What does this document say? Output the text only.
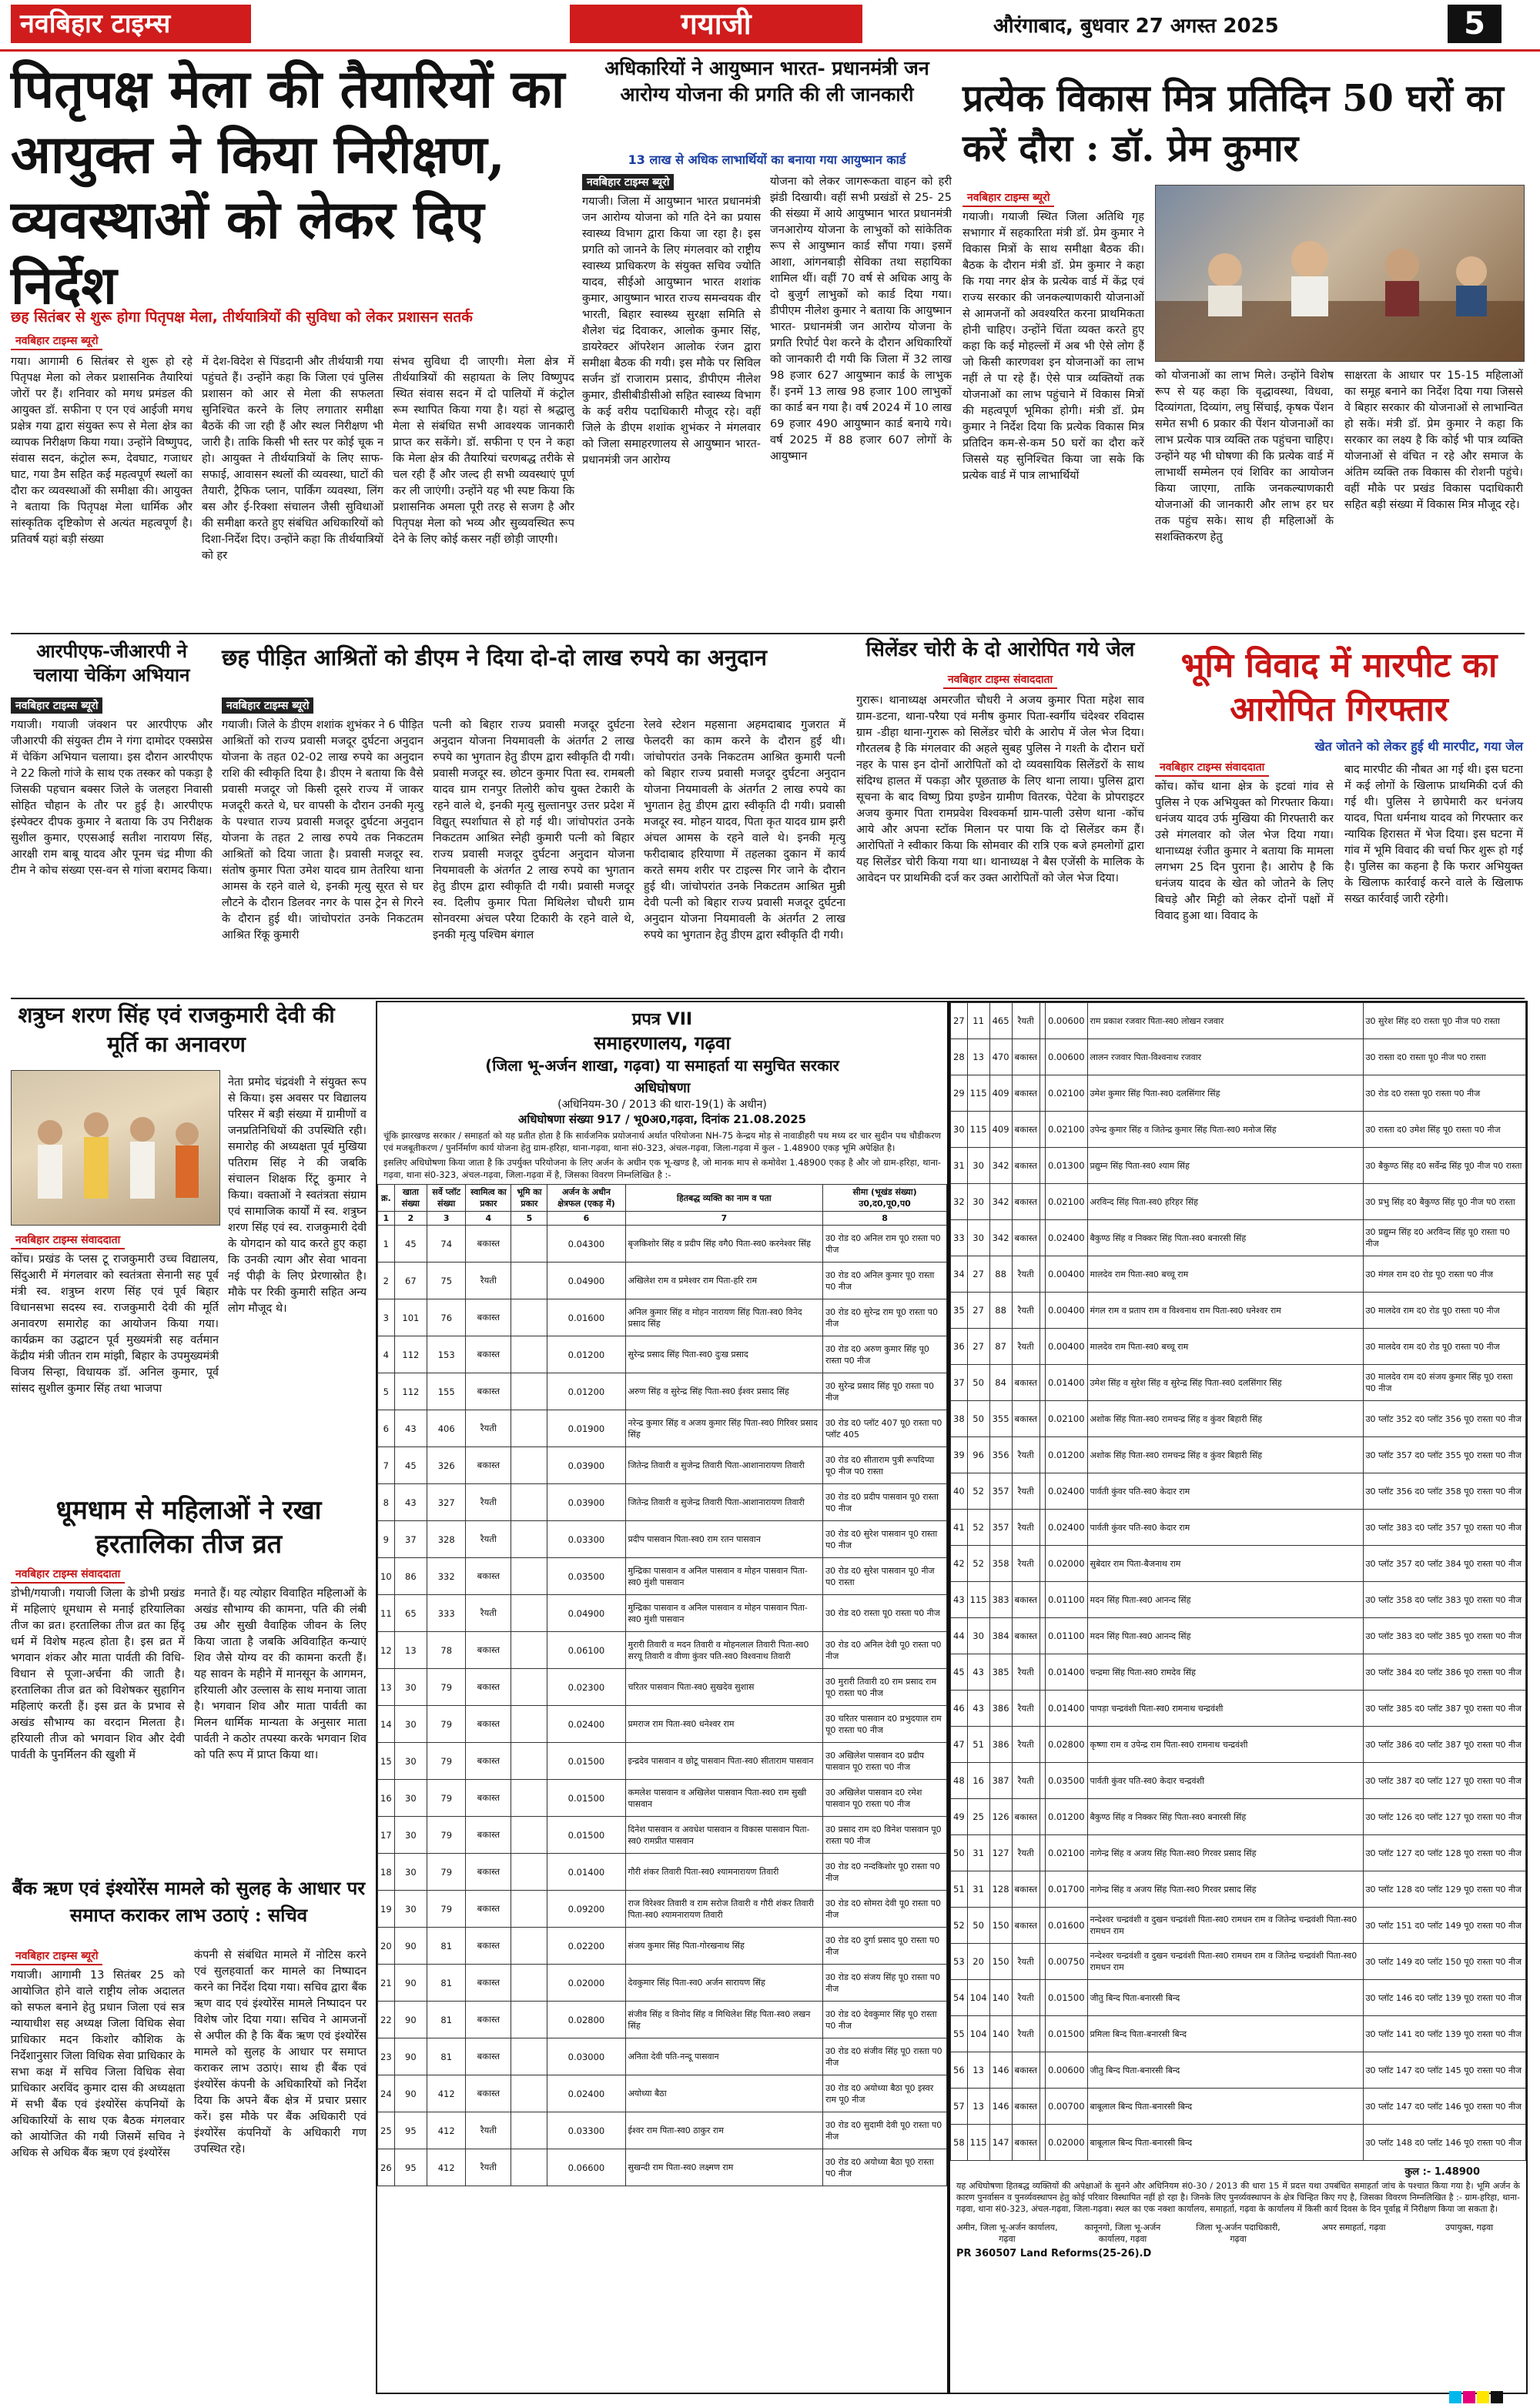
नवबिहार टाइम्स	गयाजी	औरंगाबाद, बुधवार 27 अगस्त 2025	5
पितृपक्ष मेला की तैयारियों का आयुक्त ने किया निरीक्षण, व्यवस्थाओं को लेकर दिए निर्देश
छह सितंबर से शुरू होगा पितृपक्ष मेला, तीर्थयात्रियों की सुविधा को लेकर प्रशासन सतर्क
नवबिहार टाइम्स ब्यूरो
गया। आगामी 6 सितंबर से शुरू हो रहे पितृपक्ष मेला को लेकर प्रशासनिक तैयारियां जोरों पर हैं। शनिवार को मगध प्रमंडल की आयुक्त डॉ. सफीना ए एन एवं आईजी मगध प्रक्षेत्र गया द्वारा संयुक्त रूप से मेला क्षेत्र का व्यापक निरीक्षण किया गया। उन्होंने विष्णुपद, संवास सदन, कंट्रोल रूम, देवघाट, गजाधर घाट, गया डैम सहित कई महत्वपूर्ण स्थलों का दौरा कर व्यवस्थाओं की समीक्षा की। आयुक्त ने बताया कि पितृपक्ष मेला धार्मिक और सांस्कृतिक दृष्टिकोण से अत्यंत महत्वपूर्ण है। प्रतिवर्ष यहां बड़ी संख्या
में देश-विदेश से पिंडदानी और तीर्थयात्री गया पहुंचते हैं। उन्होंने कहा कि जिला एवं पुलिस प्रशासन को आर से मेला की सफलता सुनिश्चित करने के लिए लगातार समीक्षा बैठकें की जा रही हैं और स्थल निरीक्षण भी जारी है। ताकि किसी भी स्तर पर कोई चूक न हो। आयुक्त ने तीर्थयात्रियों के लिए साफ-सफाई, आवासन स्थलों की व्यवस्था, घाटों की तैयारी, ट्रैफिक प्लान, पार्किंग व्यवस्था, लिंग बस और ई-रिक्शा संचालन जैसी सुविधाओं की समीक्षा करते हुए संबंधित अधिकारियों को दिशा-निर्देश दिए। उन्होंने कहा कि तीर्थयात्रियों को हर
संभव सुविधा दी जाएगी। मेला क्षेत्र में तीर्थयात्रियों की सहायता के लिए विष्णुपद स्थित संवास सदन में दो पालियों में कंट्रोल रूम स्थापित किया गया है। यहां से श्रद्धालु मेला से संबंधित सभी आवश्यक जानकारी प्राप्त कर सकेंगे। डॉ. सफीना ए एन ने कहा कि मेला क्षेत्र की तैयारियां चरणबद्ध तरीके से चल रही हैं और जल्द ही सभी व्यवस्थाएं पूर्ण कर ली जाएंगी। उन्होंने यह भी स्पष्ट किया कि प्रशासनिक अमला पूरी तरह से सजग है और पितृपक्ष मेला को भव्य और सुव्यवस्थित रूप देने के लिए कोई कसर नहीं छोड़ी जाएगी।
अधिकारियों ने आयुष्मान भारत- प्रधानमंत्री जन आरोग्य योजना की प्रगति की ली जानकारी
13 लाख से अधिक लाभार्थियों का बनाया गया आयुष्मान कार्ड
नवबिहार टाइम्स ब्यूरो
गयाजी। जिला में आयुष्मान भारत प्रधानमंत्री जन आरोग्य योजना को गति देने का प्रयास स्वास्थ्य विभाग द्वारा किया जा रहा है। इस प्रगति को जानने के लिए मंगलवार को राष्ट्रीय स्वास्थ्य प्राधिकरण के संयुक्त सचिव ज्योति यादव, सीईओ आयुष्मान भारत शशांक कुमार, आयुष्मान भारत राज्य समन्वयक वीर भारती, बिहार स्वास्थ्य सुरक्षा समिति से शैलेश चंद्र दिवाकर, आलोक कुमार सिंह, डायरेक्टर ऑपरेशन आलोक रंजन द्वारा समीक्षा बैठक की गयी। इस मौके पर सिविल सर्जन डॉ राजाराम प्रसाद, डीपीएम नीलेश कुमार, डीसीबीडीसीओ सहित स्वास्थ्य विभाग के कई वरीय पदाधिकारी मौजूद रहे। वहीं जिले के डीएम शशांक शुभंकर ने मंगलवार को जिला समाहरणालय से आयुष्मान भारत- प्रधानमंत्री जन आरोग्य
योजना को लेकर जागरूकता वाहन को हरी झंडी दिखायी। वहीं सभी प्रखंडों से 25- 25 की संख्या में आये आयुष्मान भारत प्रधानमंत्री जनआरोग्य योजना के लाभुकों को सांकेतिक रूप से आयुष्मान कार्ड सौंपा गया। इसमें आशा, आंगनबाड़ी सेविका तथा सहायिका शामिल थीं। वहीं 70 वर्ष से अधिक आयु के दो बुजुर्ग लाभुकों को कार्ड दिया गया। डीपीएम नीलेश कुमार ने बताया कि आयुष्मान भारत- प्रधानमंत्री जन आरोग्य योजना के प्रगति रिपोर्ट पेश करने के दौरान अधिकारियों को जानकारी दी गयी कि जिला में 32 लाख 98 हजार 627 आयुष्मान कार्ड के लाभुक हैं। इनमें 13 लाख 98 हजार 100 लाभुकों का कार्ड बन गया है। वर्ष 2024 में 10 लाख 69 हजार 490 आयुष्मान कार्ड बनाये गये। वर्ष 2025 में 88 हजार 607 लोगों के आयुष्मान
प्रत्येक विकास मित्र प्रतिदिन 50 घरों का करें दौरा : डॉ. प्रेम कुमार
नवबिहार टाइम्स ब्यूरो
गयाजी। गयाजी स्थित जिला अतिथि गृह सभागार में सहकारिता मंत्री डॉ. प्रेम कुमार ने विकास मित्रों के साथ समीक्षा बैठक की। बैठक के दौरान मंत्री डॉ. प्रेम कुमार ने कहा कि गया नगर क्षेत्र के प्रत्येक वार्ड में केंद्र एवं राज्य सरकार की जनकल्याणकारी योजनाओं से आमजनों को अवश्यरित करना प्राथमिकता होनी चाहिए। उन्होंने चिंता व्यक्त करते हुए कहा कि कई मोहल्लों में अब भी ऐसे लोग हैं जो किसी कारणवश इन योजनाओं का लाभ नहीं ले पा रहे हैं। ऐसे पात्र व्यक्तियों तक योजनाओं का लाभ पहुंचाने में विकास मित्रों की महत्वपूर्ण भूमिका होगी। मंत्री डॉ. प्रेम कुमार ने निर्देश दिया कि प्रत्येक विकास मित्र प्रतिदिन कम-से-कम 50 घरों का दौरा करें जिससे यह सुनिश्चित किया जा सके कि प्रत्येक वार्ड में पात्र लाभार्थियों
को योजनाओं का लाभ मिले। उन्होंने विशेष रूप से यह कहा कि वृद्धावस्था, विधवा, दिव्यांगता, दिव्यांग, लघु सिंचाई, कृषक पेंशन समेत सभी 6 प्रकार की पेंशन योजनाओं का लाभ प्रत्येक पात्र व्यक्ति तक पहुंचना चाहिए। उन्होंने यह भी घोषणा की कि प्रत्येक वार्ड में लाभार्थी सम्मेलन एवं शिविर का आयोजन किया जाएगा, ताकि जनकल्याणकारी योजनाओं की जानकारी और लाभ हर घर तक पहुंच सके। साथ ही महिलाओं के सशक्तिकरण हेतु
साक्षरता के आधार पर 15-15 महिलाओं का समूह बनाने का निर्देश दिया गया जिससे वे बिहार सरकार की योजनाओं से लाभान्वित हो सकें। मंत्री डॉ. प्रेम कुमार ने कहा कि सरकार का लक्ष्य है कि कोई भी पात्र व्यक्ति योजनाओं से वंचित न रहे और समाज के अंतिम व्यक्ति तक विकास की रोशनी पहुंचे। वहीं मौके पर प्रखंड विकास पदाधिकारी सहित बड़ी संख्या में विकास मित्र मौजूद रहे।
आरपीएफ-जीआरपी ने चलाया चेकिंग अभियान
नवबिहार टाइम्स ब्यूरो
गयाजी। गयाजी जंक्शन पर आरपीएफ और जीआरपी की संयुक्त टीम ने गंगा दामोदर एक्सप्रेस में चेकिंग अभियान चलाया। इस दौरान आरपीएफ ने 22 किलो गांजे के साथ एक तस्कर को पकड़ा है जिसकी पहचान बक्सर जिले के जलहरा निवासी सोहित चौहान के तौर पर हुई है। आरपीएफ इंस्पेक्टर दीपक कुमार ने बताया कि उप निरीक्षक सुशील कुमार, एएसआई सतीश नारायण सिंह, आरक्षी राम बाबू यादव और पूनम चंद्र मीणा की टीम ने कोच संख्या एस-वन से गांजा बरामद किया।
छह पीड़ित आश्रितों को डीएम ने दिया दो-दो लाख रुपये का अनुदान
नवबिहार टाइम्स ब्यूरो
गयाजी। जिले के डीएम शशांक शुभंकर ने 6 पीड़ित आश्रितों को राज्य प्रवासी मजदूर दुर्घटना अनुदान योजना के तहत 02-02 लाख रुपये का अनुदान राशि की स्वीकृति दिया है। डीएम ने बताया कि वैसे प्रवासी मजदूर जो किसी दूसरे राज्य में जाकर मजदूरी करते थे, घर वापसी के दौरान उनकी मृत्यु के पश्चात राज्य प्रवासी मजदूर दुर्घटना अनुदान योजना के तहत 2 लाख रुपये तक निकटतम आश्रितों को दिया जाता है। प्रवासी मजदूर स्व. संतोष कुमार पिता उमेश यादव ग्राम तेतरिया थाना आमस के रहने वाले थे, इनकी मृत्यु सूरत से घर लौटने के दौरान डिलवर नगर के पास ट्रेन से गिरने के दौरान हुई थी। जांचोपरांत उनके निकटतम आश्रित रिंकू कुमारी
पत्नी को बिहार राज्य प्रवासी मजदूर दुर्घटना अनुदान योजना नियमावली के अंतर्गत 2 लाख रुपये का भुगतान हेतु डीएम द्वारा स्वीकृति दी गयी। प्रवासी मजदूर स्व. छोटन कुमार पिता स्व. रामबली यादव ग्राम रानपुर तिलोरी कोच युक्त टेकारी के रहने वाले थे, इनकी मृत्यु सुल्तानपुर उत्तर प्रदेश में विद्युत् स्पर्शाघात से हो गई थी। जांचोपरांत उनके निकटतम आश्रित स्नेही कुमारी पत्नी को बिहार राज्य प्रवासी मजदूर दुर्घटना अनुदान योजना नियमावली के अंतर्गत 2 लाख रुपये का भुगतान हेतु डीएम द्वारा स्वीकृति दी गयी। प्रवासी मजदूर स्व. दिलीप कुमार पिता मिथिलेश चौधरी ग्राम सोनवरमा अंचल परैया टिकारी के रहने वाले थे, इनकी मृत्यु पश्चिम बंगाल
रेलवे स्टेशन महसाना अहमदाबाद गुजरात में फेलदरी का काम करने के दौरान हुई थी। जांचोपरांत उनके निकटतम आश्रित कुमारी पत्नी को बिहार राज्य प्रवासी मजदूर दुर्घटना अनुदान योजना नियमावली के अंतर्गत 2 लाख रुपये का भुगतान हेतु डीएम द्वारा स्वीकृति दी गयी। प्रवासी मजदूर स्व. मोहन यादव, पिता कृत यादव ग्राम झरी अंचल आमस के रहने वाले थे। इनकी मृत्यु फरीदाबाद हरियाणा में तहलका दुकान में कार्य करते समय शरीर पर टाइल्स गिर जाने के दौरान हुई थी। जांचोपरांत उनके निकटतम आश्रित मुन्नी देवी पत्नी को बिहार राज्य प्रवासी मजदूर दुर्घटना अनुदान योजना नियमावली के अंतर्गत 2 लाख रुपये का भुगतान हेतु डीएम द्वारा स्वीकृति दी गयी।
सिलेंडर चोरी के दो आरोपित गये जेल
नवबिहार टाइम्स संवाददाता
गुरारू। थानाध्यक्ष अमरजीत चौधरी ने अजय कुमार पिता महेश साव ग्राम-डटना, थाना-परैया एवं मनीष कुमार पिता-स्वर्गीय चंदेश्वर रविदास ग्राम -डीहा थाना-गुरारू को सिलेंडर चोरी के आरोप में जेल भेज दिया। गौरतलब है कि मंगलवार की अहले सुबह पुलिस ने गश्ती के दौरान घरों नहर के पास इन दोनों आरोपितों को दो व्यवसायिक सिलेंडरों के साथ संदिग्ध हालत में पकड़ा और पूछताछ के लिए थाना लाया। पुलिस द्वारा सूचना के बाद विष्णु प्रिया इण्डेन ग्रामीण वितरक, पेटेवा के प्रोपराइटर अजय कुमार पिता रामप्रवेश विश्वकर्मा ग्राम-पाली उसेण थाना -कोंच आये और अपना स्टॉक मिलान पर पाया कि दो सिलेंडर कम हैं। आरोपितों ने स्वीकार किया कि सोमवार की रात्रि एक बजे हमलोगों द्वारा यह सिलेंडर चोरी किया गया था। थानाध्यक्ष ने बैस एजेंसी के मालिक के आवेदन पर प्राथमिकी दर्ज कर उक्त आरोपितों को जेल भेज दिया।
भूमि विवाद में मारपीट का आरोपित गिरफ्तार
खेत जोतने को लेकर हुई थी मारपीट, गया जेल
नवबिहार टाइम्स संवाददाता
कोंच। कोंच थाना क्षेत्र के इटवां गांव से पुलिस ने एक अभियुक्त को गिरफ्तार किया। धनंजय यादव उर्फ मुखिया की गिरफ्तारी कर उसे मंगलवार को जेल भेज दिया गया। थानाध्यक्ष रंजीत कुमार ने बताया कि मामला लगभग 25 दिन पुराना है। आरोप है कि धनंजय यादव के खेत को जोतने के लिए बिचड़े और मिट्टी को लेकर दोनों पक्षों में विवाद हुआ था। विवाद के
बाद मारपीट की नौबत आ गई थी। इस घटना में कई लोगों के खिलाफ प्राथमिकी दर्ज की गई थी। पुलिस ने छापेमारी कर धनंजय यादव, पिता धर्मनाथ यादव को गिरफ्तार कर न्यायिक हिरासत में भेज दिया। इस घटना में गांव में भूमि विवाद की चर्चा फिर शुरू हो गई है। पुलिस का कहना है कि फरार अभियुक्त के खिलाफ कार्रवाई करने वाले के खिलाफ सख्त कार्रवाई जारी रहेगी।
शत्रुघ्न शरण सिंह एवं राजकुमारी देवी की मूर्ति का अनावरण
नवबिहार टाइम्स संवाददाता
कोंच। प्रखंड के प्लस टू राजकुमारी उच्च विद्यालय, सिंदुआरी में मंगलवार को स्वतंत्रता सेनानी सह पूर्व मंत्री स्व. शत्रुघ्न शरण सिंह एवं पूर्व बिहार विधानसभा सदस्य स्व. राजकुमारी देवी की मूर्ति अनावरण समारोह का आयोजन किया गया। कार्यक्रम का उद्घाटन पूर्व मुख्यमंत्री सह वर्तमान केंद्रीय मंत्री जीतन राम मांझी, बिहार के उपमुख्यमंत्री विजय सिन्हा, विधायक डॉ. अनिल कुमार, पूर्व सांसद सुशील कुमार सिंह तथा भाजपा
नेता प्रमोद चंद्रवंशी ने संयुक्त रूप से किया। इस अवसर पर विद्यालय परिसर में बड़ी संख्या में ग्रामीणों व जनप्रतिनिधियों की उपस्थिति रही। समारोह की अध्यक्षता पूर्व मुखिया पतिराम सिंह ने की जबकि संचालन शिक्षक रिंटू कुमार ने किया। वक्ताओं ने स्वतंत्रता संग्राम एवं सामाजिक कार्यों में स्व. शत्रुघ्न शरण सिंह एवं स्व. राजकुमारी देवी के योगदान को याद करते हुए कहा कि उनकी त्याग और सेवा भावना नई पीढ़ी के लिए प्रेरणास्रोत है। मौके पर रिकी कुमारी सहित अन्य लोग मौजूद थे।
धूमधाम से महिलाओं ने रखा हरतालिका तीज व्रत
नवबिहार टाइम्स संवाददाता
डोभी/गयाजी। गयाजी जिला के डोभी प्रखंड में महिलाएं धूमधाम से मनाई हरियालिका तीज का व्रत। हरतालिका तीज व्रत का हिंदू धर्म में विशेष महत्व होता है। इस व्रत में भगवान शंकर और माता पार्वती की विधि-विधान से पूजा-अर्चना की जाती है। हरतालिका तीज व्रत को विशेषकर सुहागिन महिलाएं करती हैं। इस व्रत के प्रभाव से अखंड सौभाग्य का वरदान मिलता है। हरियाली तीज को भगवान शिव और देवी पार्वती के पुनर्मिलन की खुशी में
मनाते हैं। यह त्योहार विवाहित महिलाओं के अखंड सौभाग्य की कामना, पति की लंबी उम्र और सुखी वैवाहिक जीवन के लिए किया जाता है जबकि अविवाहित कन्याएं शिव जैसे योग्य वर की कामना करती हैं। यह सावन के महीने में मानसून के आगमन, हरियाली और उल्लास के साथ मनाया जाता है। भगवान शिव और माता पार्वती का मिलन धार्मिक मान्यता के अनुसार माता पार्वती ने कठोर तपस्या करके भगवान शिव को पति रूप में प्राप्त किया था।
बैंक ऋण एवं इंश्योरेंस मामले को सुलह के आधार पर समाप्त कराकर लाभ उठाएं : सचिव
नवबिहार टाइम्स ब्यूरो
गयाजी। आगामी 13 सितंबर 25 को आयोजित होने वाले राष्ट्रीय लोक अदालत को सफल बनाने हेतु प्रधान जिला एवं सत्र न्यायाधीश सह अध्यक्ष जिला विधिक सेवा प्राधिकार मदन किशोर कौशिक के निर्देशानुसार जिला विधिक सेवा प्राधिकार के सभा कक्ष में सचिव जिला विधिक सेवा प्राधिकार अरविंद कुमार दास की अध्यक्षता में सभी बैंक एवं इंश्योरेंस कंपनियों के अधिकारियों के साथ एक बैठक मंगलवार को आयोजित की गयी जिसमें सचिव ने अधिक से अधिक बैंक ऋण एवं इंश्योरेंस
कंपनी से संबंधित मामले में नोटिस करने एवं सुलहवार्ता कर मामले का निष्पादन करने का निर्देश दिया गया। सचिव द्वारा बैंक ऋण वाद एवं इंश्योरेंस मामले निष्पादन पर विशेष जोर दिया गया। सचिव ने आमजनों से अपील की है कि बैंक ऋण एवं इंश्योरेंस मामले को सुलह के आधार पर समाप्त कराकर लाभ उठाएं। साथ ही बैंक एवं इंश्योरेंस कंपनी के अधिकारियों को निर्देश दिया कि अपने बैंक क्षेत्र में प्रचार प्रसार करें। इस मौके पर बैंक अधिकारी एवं इंश्योरेंस कंपनियों के अधिकारी गण उपस्थित रहे।
प्रपत्र VII
समाहरणालय, गढ़वा
(जिला भू-अर्जन शाखा, गढ़वा) या समाहर्ता या समुचित सरकार
अधिघोषणा
(अधिनियम-30 / 2013 की धारा-19(1) के अधीन)
अधिघोषणा संख्या 917 / भू0अ0,गढ़वा, दिनांक 21.08.2025
चूंकि झारखण्ड सरकार / समाहर्ता को यह प्रतीत होता है कि सार्वजनिक प्रयोजनार्थ अर्थात परियोजना NH-75 केन्द्रय मोड़ से नावाडीहरी पथ मध्य दर चार सुदीन पथ चौडीकरण एवं मजबूतीकरण / पुनर्निर्माण कार्य योजना हेतु ग्राम-हरिहा, थाना-गढ़वा, थाना सं0-323, अंचल-गढ़वा, जिला-गढ़वा में कुल - 1.48900 एकड़ भूमि अपेक्षित है।
इसलिए अधिघोषणा किया जाता है कि उपर्युक्त परियोजना के लिए अर्जन के अधीन एक भू-खण्ड है, जो मानक माप से कमोवेश 1.48900 एकड़ है और जो ग्राम-हरिहा, थाना-गढ़वा, थाना सं0-323, अंचल-गढ़वा, जिला-गढ़वा में है, जिसका विवरण निम्नलिखित है :-
क्र.	खाता संख्या	सर्वे प्लॉट संख्या	स्वामित्व का प्रकार	भूमि का प्रकार	अर्जन के अधीन क्षेत्रफल (एकड़ में)	हितबद्ध व्यक्ति का नाम व पता	सीमा (भूखंड संख्या) उ0,द0,पू0,प0
1	2	3	4	5	6	7	8
1	45	74	बकास्त		0.04300	बृजकिशोर सिंह व प्रदीप सिंह वगै0 पिता-स्व0 करनेश्वर सिंह	उ0 रोड द0 अनिल राम पू0 रास्ता प0 पीज
2	67	75	रैयती		0.04900	अखिलेश राम व प्रमेश्वर राम पिता-हरि राम	उ0 रोड द0 अनिल कुमार पू0 रास्ता प0 नीज
3	101	76	बकास्त		0.01600	अनिल कुमार सिंह व मोहन नारायण सिंह पिता-स्व0 विनेद प्रसाद सिंह	उ0 रोड द0 सुरेन्द्र राम पू0 रास्ता प0 नीज
4	112	153	बकास्त		0.01200	सुरेन्द्र प्रसाद सिंह पिता-स्व0 दुःख प्रसाद	उ0 रोड द0 अरुण कुमार सिंह पू0 रास्ता प0 नीज
5	112	155	बकास्त		0.01200	अरुण सिंह व सुरेन्द्र सिंह पिता-स्व0 ईश्वर प्रसाद सिंह	उ0 सुरेन्द्र प्रसाद सिंह पू0 रास्ता प0 नीज
6	43	406	रैयती		0.01900	नरेन्द्र कुमार सिंह व अजय कुमार सिंह पिता-स्व0 गिरिवर प्रसाद सिंह	उ0 रोड द0 प्लॉट 407 पू0 रास्ता प0 प्लॉट 405
7	45	326	बकास्त		0.03900	जितेन्द्र तिवारी व सुजेन्द्र तिवारी पिता-आशानारायण तिवारी	उ0 रोड द0 सीताराम पुत्री रूपदिप्या पू0 नीज प0 रास्ता
8	43	327	रैयती		0.03900	जितेन्द्र तिवारी व सुजेन्द्र तिवारी पिता-आशानारायण तिवारी	उ0 रोड द0 प्रदीप पासवान पू0 रास्ता प0 नीज
9	37	328	रैयती		0.03300	प्रदीप पासवान पिता-स्व0 राम रतन पासवान	उ0 रोड द0 सुरेश पासवान पू0 रास्ता प0 नीज
10	86	332	बकास्त		0.03500	मुन्द्रिका पासवान व अनिल पासवान व मोहन पासवान पिता-स्व0 मुंशी पासवान	उ0 रोड द0 सुरेश पासवान पू0 नीज प0 रास्ता
11	65	333	रैयती		0.04900	मुन्द्रिका पासवान व अनिल पासवान व मोहन पासवान पिता-स्व0 मुंशी पासवान	उ0 रोड द0 रास्ता पू0 रास्ता प0 नीज
12	13	78	बकास्त		0.06100	मुरारी तिवारी व मदन तिवारी व मोहनलाल तिवारी पिता-स्व0 सरयू तिवारी व वीणा कुंवर पति-स्व0 विश्वनाथ तिवारी	उ0 रोड द0 अनिल देवी पू0 रास्ता प0 नीज
13	30	79	बकास्त		0.02300	चरितर पासवान पिता-स्व0 सुखदेव सुशास	उ0 मुरारी तिवारी द0 राम प्रसाद राम पू0 रास्ता प0 नीज
14	30	79	बकास्त		0.02400	प्रमराज राम पिता-स्व0 धनेश्वर राम	उ0 चरितर पासवान द0 प्रभुदयाल राम पू0 रास्ता प0 नीज
15	30	79	बकास्त		0.01500	इन्द्रदेव पासवान व छोटू पासवान पिता-स्व0 सीताराम पासवान	उ0 अखिलेश पासवान द0 प्रदीप पासवान पू0 रास्ता प0 नीज
16	30	79	बकास्त		0.01500	कमलेश पासवान व अखिलेश पासवान पिता-स्व0 राम सुखी पासवान	उ0 अखिलेश पासवान द0 रमेश पासवान पू0 रास्ता प0 नीज
17	30	79	बकास्त		0.01500	दिनेश पासवान व अवधेश पासवान व विकास पासवान पिता-स्व0 रामप्रीत पासवान	उ0 प्रसाद राम द0 विनेश पासवान पू0 रास्ता प0 नीज
18	30	79	बकास्त		0.01400	गौरी शंकर तिवारी पिता-स्व0 श्यामनारायण तिवारी	उ0 रोड द0 नन्दकिशोर पू0 रास्ता प0 नीज
19	30	79	बकास्त		0.09200	राज विरेश्वर तिवारी व राम सरोज तिवारी व गौरी शंकर तिवारी पिता-स्व0 श्यामनारायण तिवारी	उ0 रोड द0 सोमरा देवी पू0 रास्ता प0 नीज
20	90	81	बकास्त		0.02200	संजय कुमार सिंह पिता-गोरखनाथ सिंह	उ0 रोड द0 दुर्गा प्रसाद पू0 रास्ता प0 नीज
21	90	81	बकास्त		0.02000	देवकुमार सिंह पिता-स्व0 अर्जन सारायण सिंह	उ0 रोड द0 संजय सिंह पू0 रास्ता प0 नीज
22	90	81	बकास्त		0.02800	संजीव सिंह व विनोद सिंह व मिथिलेश सिंह पिता-स्व0 लखन सिंह	उ0 रोड द0 देवकुमार सिंह पू0 रास्ता प0 नीज
23	90	81	बकास्त		0.03000	अनिता देवी पति-नन्दू पासवान	उ0 रोड द0 संजीव सिंह पू0 रास्ता प0 नीज
24	90	412	बकास्त		0.02400	अयोध्या बैठा	उ0 रोड द0 अयोध्या बैठा पू0 इस्वर राम पू0 नीज
25	95	412	रैयती		0.03300	ईश्वर राम पिता-स्व0 ठाकुर राम	उ0 रोड द0 सुदामी देवी पू0 रास्ता प0 नीज
26	95	412	रैयती		0.06600	सुखन्दी राम पिता-स्व0 लक्ष्मण राम	उ0 रोड द0 अयोध्या बैठा पू0 रास्ता प0 नीज
27	11	465	रैयती		0.00600	राम प्रकाश रजवार पिता-स्व0 लोखन रजवार	उ0 सुरेश सिंह द0 रास्ता पू0 नीज प0 रास्ता
28	13	470	बकास्त		0.00600	लालन रजवार पिता-विश्वनाथ रजवार	उ0 रास्ता द0 रास्ता पू0 नीज प0 रास्ता
29	115	409	बकास्त		0.02100	उमेश कुमार सिंह पिता-स्व0 दलसिंगार सिंह	उ0 रोड द0 रास्ता पू0 रास्ता प0 नीज
30	115	409	बकास्त		0.02100	उपेन्द्र कुमार सिंह व जितेन्द्र कुमार सिंह पिता-स्व0 मनोज सिंह	उ0 रास्ता द0 उमेश सिंह पू0 रास्ता प0 नीज
31	30	342	बकास्त		0.01300	प्रद्युम्न सिंह पिता-स्व0 श्याम सिंह	उ0 बैकुण्ठ सिंह द0 सर्वेन्द्र सिंह पू0 नीज प0 रास्ता
32	30	342	बकास्त		0.02100	अरविन्द सिंह पिता-स्व0 हरिहर सिंह	उ0 प्रभु सिंह द0 बैकुण्ठ सिंह पू0 नीज प0 रास्ता
33	30	342	बकास्त		0.02400	बैकुण्ठ सिंह व निक्कर सिंह पिता-स्व0 बनारसी सिंह	उ0 प्रद्युम्न सिंह द0 अरविन्द सिंह पू0 रास्ता प0 नीज
34	27	88	रैयती		0.00400	मालदेव राम पिता-स्व0 बच्चू राम	उ0 मंगल राम द0 रोड पू0 रास्ता प0 नीज
35	27	88	रैयती		0.00400	मंगल राम व प्रताप राम व विश्वनाथ राम पिता-स्व0 धनेश्वर राम	उ0 मालदेव राम द0 रोड पू0 रास्ता प0 नीज
36	27	87	रैयती		0.00400	मालदेव राम पिता-स्व0 बच्चू राम	उ0 मालदेव राम द0 रोड पू0 रास्ता प0 नीज
37	50	84	बकास्त		0.01400	उमेश सिंह व सुरेश सिंह व सुरेन्द्र सिंह पिता-स्व0 दलसिंगार सिंह	उ0 मालदेव राम द0 संजय कुमार सिंह पू0 रास्ता प0 नीज
38	50	355	बकास्त		0.02100	अशोक सिंह पिता-स्व0 रामचन्द्र सिंह व कुंवर बिहारी सिंह	उ0 प्लॉट 352 द0 प्लॉट 356 पू0 रास्ता प0 नीज
39	96	356	रैयती		0.01200	अशोक सिंह पिता-स्व0 रामचन्द्र सिंह व कुंवर बिहारी सिंह	उ0 प्लॉट 357 द0 प्लॉट 355 पू0 रास्ता प0 नीज
40	52	357	रैयती		0.02400	पार्वती कुंवर पति-स्व0 केदार राम	उ0 प्लॉट 356 द0 प्लॉट 358 पू0 रास्ता प0 नीज
41	52	357	रैयती		0.02400	पार्वती कुंवर पति-स्व0 केदार राम	उ0 प्लॉट 383 द0 प्लॉट 357 पू0 रास्ता प0 नीज
42	52	358	रैयती		0.02000	सुबेदार राम पिता-बैजनाथ राम	उ0 प्लॉट 357 द0 प्लॉट 384 पू0 रास्ता प0 नीज
43	115	383	बकास्त		0.01100	मदन सिंह पिता-स्व0 आनन्द सिंह	उ0 प्लॉट 358 द0 प्लॉट 383 पू0 रास्ता प0 नीज
44	30	384	बकास्त		0.01100	मदन सिंह पिता-स्व0 आनन्द सिंह	उ0 प्लॉट 383 द0 प्लॉट 385 पू0 रास्ता प0 नीज
45	43	385	रैयती		0.01400	चन्द्रमा सिंह पिता-स्व0 रामदेव सिंह	उ0 प्लॉट 384 द0 प्लॉट 386 पू0 रास्ता प0 नीज
46	43	386	रैयती		0.01400	पापड़ा चन्द्रवंशी पिता-स्व0 रामनाथ चन्द्रवंशी	उ0 प्लॉट 385 द0 प्लॉट 387 पू0 रास्ता प0 नीज
47	51	386	रैयती		0.02800	कृष्णा राम व उपेन्द्र राम पिता-स्व0 रामनाथ चन्द्रवंशी	उ0 प्लॉट 386 द0 प्लॉट 387 पू0 रास्ता प0 नीज
48	16	387	रैयती		0.03500	पार्वती कुंवर पति-स्व0 केदार चन्द्रवंशी	उ0 प्लॉट 387 द0 प्लॉट 127 पू0 रास्ता प0 नीज
49	25	126	बकास्त		0.01200	बैकुण्ठ सिंह व निक्कर सिंह पिता-स्व0 बनारसी सिंह	उ0 प्लॉट 126 द0 प्लॉट 127 पू0 रास्ता प0 नीज
50	31	127	रैयती		0.02100	नागेन्द्र सिंह व अजय सिंह पिता-स्व0 गिरवर प्रसाद सिंह	उ0 प्लॉट 127 द0 प्लॉट 128 पू0 रास्ता प0 नीज
51	31	128	बकास्त		0.01700	नागेन्द्र सिंह व अजय सिंह पिता-स्व0 गिरवर प्रसाद सिंह	उ0 प्लॉट 128 द0 प्लॉट 129 पू0 रास्ता प0 नीज
52	50	150	बकास्त		0.01600	नन्देश्वर चन्द्रवंशी व दुखन चन्द्रवंशी पिता-स्व0 रामधन राम व जितेन्द्र चन्द्रवंशी पिता-स्व0 रामधन राम	उ0 प्लॉट 151 द0 प्लॉट 149 पू0 रास्ता प0 नीज
53	20	150	रैयती		0.00750	नन्देश्वर चन्द्रवंशी व दुखन चन्द्रवंशी पिता-स्व0 रामधन राम व जितेन्द्र चन्द्रवंशी पिता-स्व0 रामधन राम	उ0 प्लॉट 149 द0 प्लॉट 150 पू0 रास्ता प0 नीज
54	104	140	रैयती		0.01500	जीतु बिन्द पिता-बनारसी बिन्द	उ0 प्लॉट 146 द0 प्लॉट 139 पू0 रास्ता प0 नीज
55	104	140	रैयती		0.01500	प्रमिला बिन्द पिता-बनारसी बिन्द	उ0 प्लॉट 141 द0 प्लॉट 139 पू0 रास्ता प0 नीज
56	13	146	बकास्त		0.00600	जीतु बिन्द पिता-बनारसी बिन्द	उ0 प्लॉट 147 द0 प्लॉट 145 पू0 रास्ता प0 नीज
57	13	146	बकास्त		0.00700	बाबूलाल बिन्द पिता-बनारसी बिन्द	उ0 प्लॉट 147 द0 प्लॉट 146 पू0 रास्ता प0 नीज
58	115	147	बकास्त		0.02000	बाबूलाल बिन्द पिता-बनारसी बिन्द	उ0 प्लॉट 148 द0 प्लॉट 146 पू0 रास्ता प0 नीज
कुल :- 1.48900
यह अधिघोषणा हितबद्ध व्यक्तियों की अपेक्षाओं के सुनने और अधिनियम सं0-30 / 2013 की धारा 15 में प्रदत्त यथा उपबंधित समाहर्ता जांच के पश्चात किया गया है। भूमि अर्जन के कारण पुनर्वासन व पुनर्व्यवस्थापन हेतु कोई परिवार विस्थापित नहीं हो रहा है। जिनके लिए पुनर्व्यवस्थापन के क्षेत्र चिन्हित किए गए है, जिसका विवरण निम्नलिखित है :- ग्राम-हरिहा, थाना-गढ़वा, थाना सं0-323, अंचल-गढ़वा, जिला-गढ़वा। स्थल का एक नक्शा कार्यालय, समाहर्ता, गढ़वा के कार्यालय में किसी कार्य दिवस के दिन पूर्वाह्न में निरीक्षण किया जा सकता है।
अमीन, जिला भू-अर्जन कार्यालय, गढ़वा
कानूनगो, जिला भू-अर्जन कार्यालय, गढ़वा
जिला भू-अर्जन पदाधिकारी, गढ़वा
अपर समाहर्ता, गढ़वा	उपायुक्त, गढ़वा
PR 360507 Land Reforms(25-26).D
